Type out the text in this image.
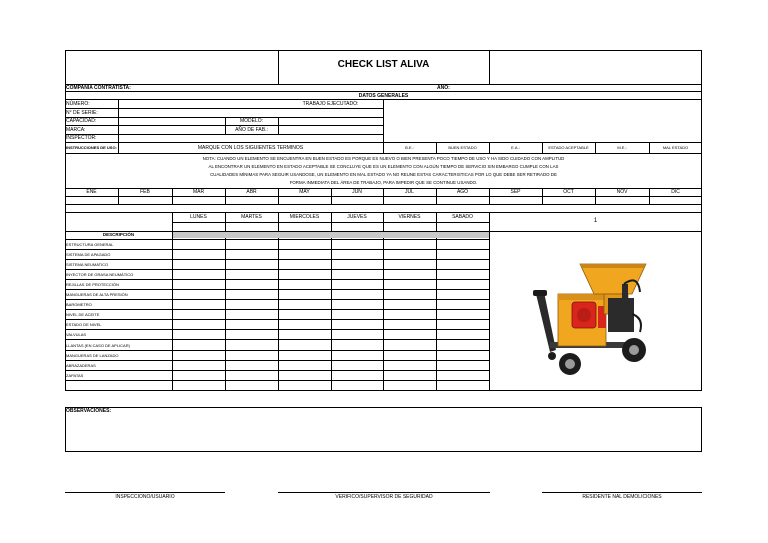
CHECK LIST ALIVA
COMPAÑÍA CONTRATISTA:	AÑO:
DATOS GENERALES
NÚMERO:	TRABAJO EJECUTADO:
N° DE SERIE:
CAPACIDAD:	MODELO:
MARCA:	AÑO DE FAB.:
INSPECTOR:
INSTRUCCIONES DE USO:	MARQUE CON LOS SIGUIENTES TERMINOS	B.E.:	BUEN ESTADO	E.A.:	ESTADO ACEPTABLE	M.E.:	MAL ESTADO
NOTA: CUANDO UN ELEMENTO SE ENCUENTRA EN BUEN ESTADO ES PORQUE ES NUEVO O BIEN PRESENTA POCO TIEMPO DE USO Y HA SIDO CUIDADO CON AMPLITUD
AL ENCONTRAR UN ELEMENTO EN ESTADO ACEPTABLE SE CONCLUYE QUE ES UN ELEMENTO CON ALGÚN TIEMPO DE SERVICIO SIN EMBARGO CUMPLE CON LAS
CUALIDADES MÍNIMAS PARA SEGUIR USANDOSE, UN ELEMENTO EN MAL ESTADO YA NO REUNE ESTAS CARACTERISTICAS POR LO QUE DEBE SER RETIRADO DE
FORMA INMEDIATA DEL ÁREA DE TRABAJO, PARA IMPEDIR QUE SE CONTINUE USANDO.
ENE	FEB	MAR	ABR	MAY	JUN	JUL	AGO	SEP	OCT	NOV	DIC
LUNES	MARTES	MIERCOLES	JUEVES	VIERNES	SABADO
1
DESCRIPCIÓN
ESTRUCTURA GENERAL
SISTEMA DE APAGADO
SISTEMA NEUMATICO
INYECTOR DE GRASA NEUMÁTICO
REJILLAS DE PROTECCIÓN
MANGUERAS DE ALTA PRESIÓN
BAROMETRO
NIVEL DE ACEITE
ESTADO DE NIVEL
VALVULAS
LLANTAS (EN CASO DE APLICAR)
MANGUERAS DE LANZADO
ABRAZADERAS
ZAPATAS
OBSERVACIONES:
INSPECCIONO/USUARIO	VERIFICO/SUPERVISOR DE SEGURIDAD	RESIDENTE NAL DEMOLICIONES
